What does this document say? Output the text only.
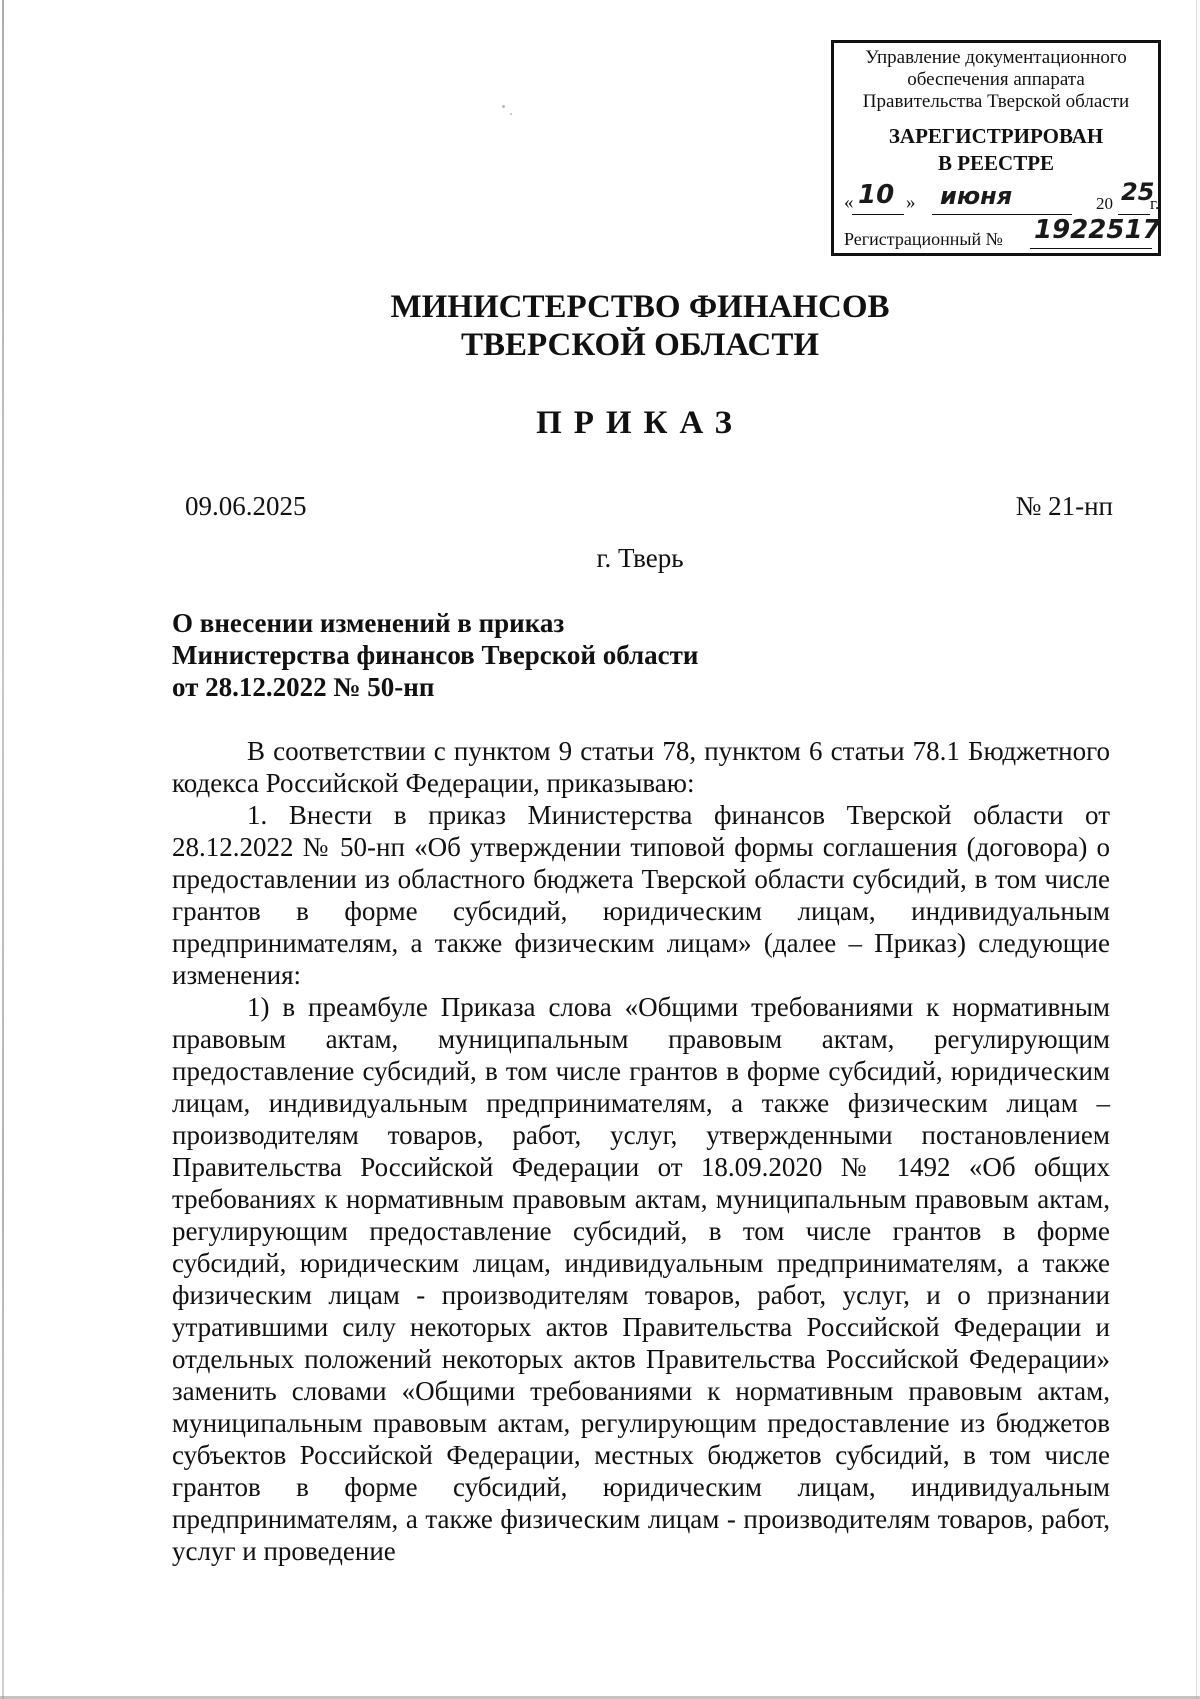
Управление документационного
обеспечения аппарата
Правительства Тверской области
ЗАРЕГИСТРИРОВАН
В РЕЕСТРЕ
« 10 » июня	20 25
г.
Регистрационный № 1922517
МИНИСТЕРСТВО ФИНАНСОВ
ТВЕРСКОЙ ОБЛАСТИ
ПРИКАЗ
09.06.2025	№ 21-нп
г. Тверь
О внесении изменений в приказ
Министерства финансов Тверской области
от 28.12.2022 № 50-нп

В соответствии с пунктом 9 статьи 78, пунктом 6 статьи 78.1 Бюджетного кодекса Российской Федерации, приказываю:

1. Внести в приказ Министерства финансов Тверской области от 28.12.2022 № 50-нп «Об утверждении типовой формы соглашения (договора) о предоставлении из областного бюджета Тверской области субсидий, в том числе грантов в форме субсидий, юридическим лицам, индивидуальным предпринимателям, а также физическим лицам» (далее – Приказ) следующие изменения:

1) в преамбуле Приказа слова «Общими требованиями к нормативным правовым актам, муниципальным правовым актам, регулирующим предоставление субсидий, в том числе грантов в форме субсидий, юридическим лицам, индивидуальным предпринимателям, а также физическим лицам – производителям товаров, работ, услуг, утвержденными постановлением Правительства Российской Федерации от 18.09.2020 № 1492 «Об общих требованиях к нормативным правовым актам, муниципальным правовым актам, регулирующим предоставление субсидий, в том числе грантов в форме субсидий, юридическим лицам, индивидуальным предпринимателям, а также физическим лицам - производителям товаров, работ, услуг, и о признании утратившими силу некоторых актов Правительства Российской Федерации и отдельных положений некоторых актов Правительства Российской Федерации» заменить словами «Общими требованиями к нормативным правовым актам, муниципальным правовым актам, регулирующим предоставление из бюджетов субъектов Российской Федерации, местных бюджетов субсидий, в том числе грантов в форме субсидий, юридическим лицам, индивидуальным предпринимателям, а также физическим лицам - производителям товаров, работ, услуг и проведение
